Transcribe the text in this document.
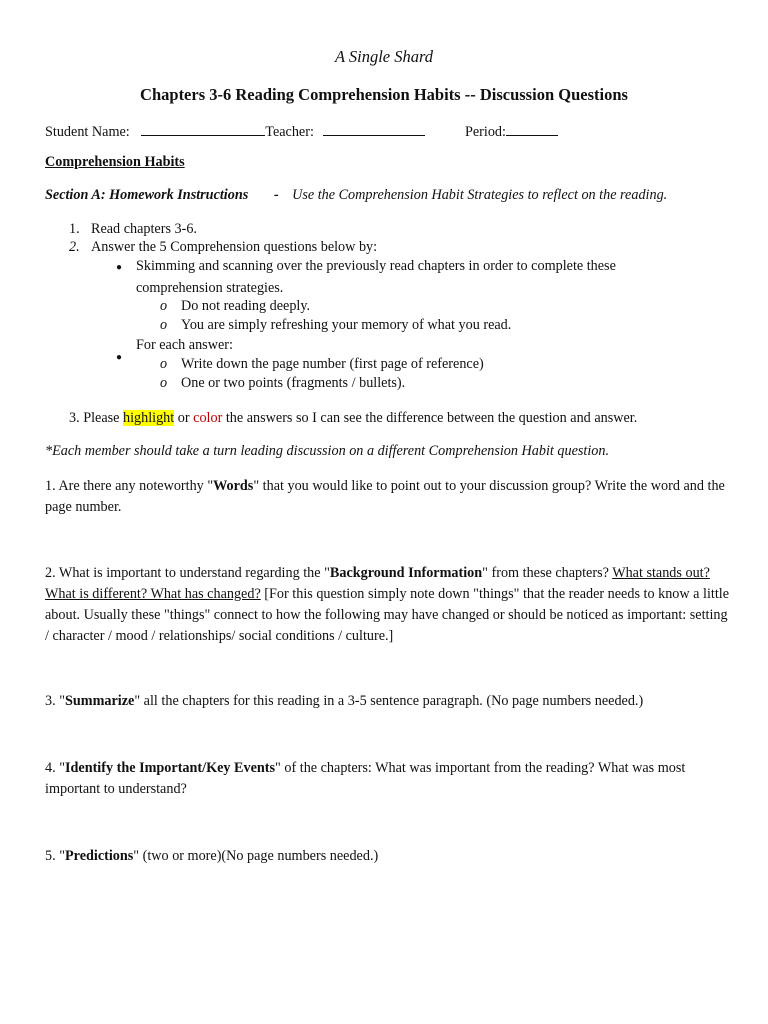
A Single Shard
Chapters 3-6 Reading Comprehension Habits -- Discussion Questions
Student Name:	Teacher:	Period:
Comprehension Habits
Section A: Homework Instructions - Use the Comprehension Habit Strategies to reflect on the reading.
1. Read chapters 3-6.
2. Answer the 5 Comprehension questions below by:
● Skimming and scanning over the previously read chapters in order to complete these
comprehension strategies.
o Do not reading deeply.
o You are simply refreshing your memory of what you read.
●
For each answer:
o Write down the page number (first page of reference)
o One or two points (fragments / bullets).
3. Please highlight or color the answers so I can see the difference between the question and answer.
*Each member should take a turn leading discussion on a different Comprehension Habit question.
1. Are there any noteworthy "Words" that you would like to point out to your discussion group? Write the word and the page number.
2. What is important to understand regarding the "Background Information" from these chapters? What stands out? What is different? What has changed? [For this question simply note down "things" that the reader needs to know a little about. Usually these "things" connect to how the following may have changed or should be noticed as important: setting / character / mood / relationships/ social conditions / culture.]
3. "Summarize" all the chapters for this reading in a 3-5 sentence paragraph. (No page numbers needed.)
4. "Identify the Important/Key Events" of the chapters: What was important from the reading? What was most important to understand?
5. "Predictions" (two or more)(No page numbers needed.)
